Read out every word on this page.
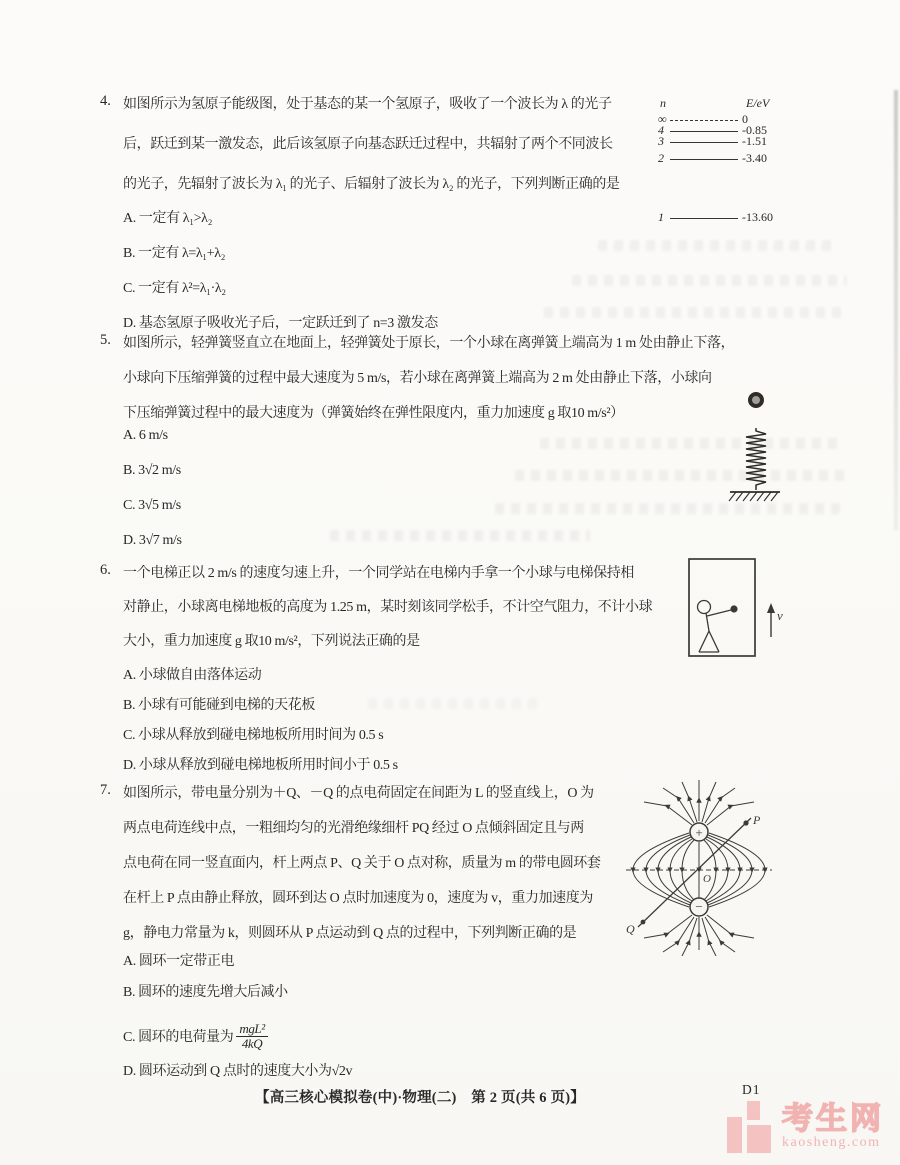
4. 如图所示为氢原子能级图，处于基态的某一个氢原子，吸收了一个波长为 λ 的光子
后，跃迁到某一激发态，此后该氢原子向基态跃迁过程中，共辐射了两个不同波长
的光子，先辐射了波长为 λ₁ 的光子、后辐射了波长为 λ₂ 的光子，下列判断正确的是
A. 一定有 λ₁>λ₂
B. 一定有 λ=λ₁+λ₂
C. 一定有 λ²=λ₁·λ₂
D. 基态氢原子吸收光子后，一定跃迁到了 n=3 激发态
n	E/eV
∞	0
4	-0.85
3	-1.51
2	-3.40
1	-13.60
5. 如图所示，轻弹簧竖直立在地面上，轻弹簧处于原长，一个小球在离弹簧上端高为 1 m 处由静止下落，
小球向下压缩弹簧的过程中最大速度为 5 m/s，若小球在离弹簧上端高为 2 m 处由静止下落，小球向
下压缩弹簧过程中的最大速度为（弹簧始终在弹性限度内，重力加速度 g 取10 m/s²）
A. 6 m/s
B. 3√2 m/s
C. 3√5 m/s
D. 3√7 m/s
6. 一个电梯正以 2 m/s 的速度匀速上升，一个同学站在电梯内手拿一个小球与电梯保持相
对静止，小球离电梯地板的高度为 1.25 m，某时刻该同学松手，不计空气阻力，不计小球
大小，重力加速度 g 取10 m/s²，下列说法正确的是
A. 小球做自由落体运动
B. 小球有可能碰到电梯的天花板
C. 小球从释放到碰电梯地板所用时间为 0.5 s
D. 小球从释放到碰电梯地板所用时间小于 0.5 s
v
7. 如图所示，带电量分别为＋Q、－Q 的点电荷固定在间距为 L 的竖直线上，O 为
两点电荷连线中点，一粗细均匀的光滑绝缘细杆 PQ 经过 O 点倾斜固定且与两
点电荷在同一竖直面内，杆上两点 P、Q 关于 O 点对称，质量为 m 的带电圆环套
在杆上 P 点由静止释放，圆环到达 O 点时加速度为 0，速度为 v，重力加速度为
g，静电力常量为 k，则圆环从 P 点运动到 Q 点的过程中，下列判断正确的是
A. 圆环一定带正电
B. 圆环的速度先增大后减小
C. 圆环的电荷量为 $\frac{\text{mgL²}}{4kQ}$
D. 圆环运动到 Q 点时的速度大小为√2v
+
−
P
Q
O
【高三核心模拟卷(中)·物理(二)　第 2 页(共 6 页)】
D1
考生网
kaosheng.com
